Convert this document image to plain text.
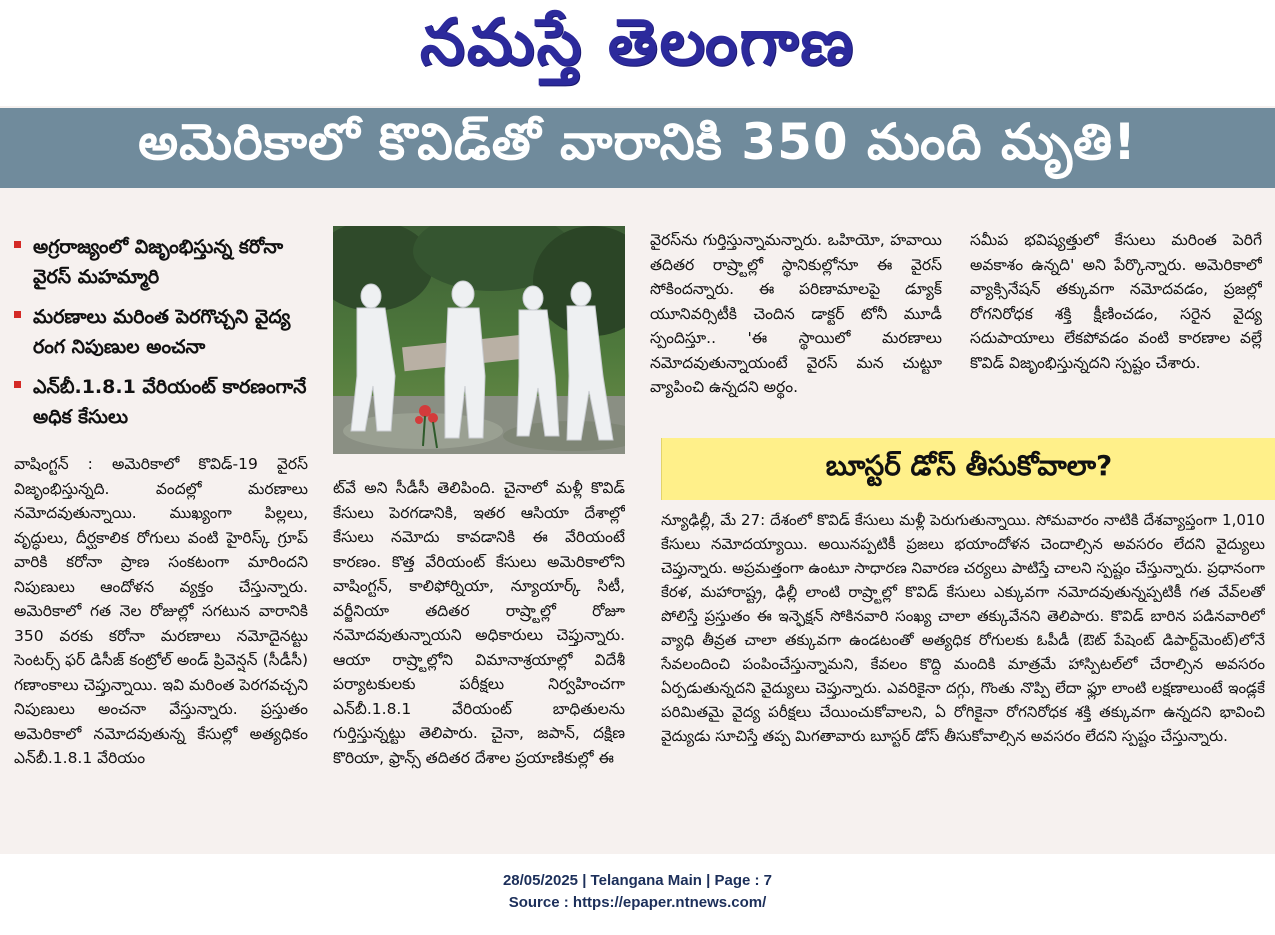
నమస్తే తెలంగాణ
అమెరికాలో కొవిడ్‌తో వారానికి 350 మంది మృతి!
అగ్రరాజ్యంలో విజృంభిస్తున్న కరోనా వైరస్ మహమ్మారి
మరణాలు మరింత పెరగొచ్చని వైద్య రంగ నిపుణుల అంచనా
ఎన్‌బీ.1.8.1 వేరియంట్ కారణంగానే అధిక కేసులు
వాషింగ్టన్ : అమెరికాలో కొవిడ్-19 వైరస్ విజృంభిస్తున్నది. వందల్లో మరణాలు నమోదవుతున్నాయి. ముఖ్యంగా పిల్లలు, వృద్ధులు, దీర్ఘకాలిక రోగులు వంటి హైరిస్క్ గ్రూప్ వారికి కరోనా ప్రాణ సంకటంగా మారిందని నిపుణులు ఆందోళన వ్యక్తం చేస్తున్నారు. అమెరికాలో గత నెల రోజుల్లో సగటున వారానికి 350 వరకు కరోనా మరణాలు నమోదైనట్టు సెంటర్స్ ఫర్ డిసీజ్ కంట్రోల్ అండ్ ప్రివెన్షన్ (సీడీసీ) గణాంకాలు చెప్తున్నాయి. ఇవి మరింత పెరగవచ్చని నిపుణులు అంచనా వేస్తున్నారు. ప్రస్తుతం అమెరికాలో నమోదవుతున్న కేసుల్లో అత్యధికం ఎన్‌బీ.1.8.1 వేరియం
ట్‌వే అని సీడీసీ తెలిపింది. చైనాలో మళ్లీ కొవిడ్ కేసులు పెరగడానికి, ఇతర ఆసియా దేశాల్లో కేసులు నమోదు కావడానికి ఈ వేరియంటే కారణం. కొత్త వేరియంట్ కేసులు అమెరికాలోని వాషింగ్టన్, కాలిఫోర్నియా, న్యూయార్క్ సిటీ, వర్జీనియా తదితర రాష్ర్టాల్లో రోజూ నమోదవుతున్నాయని అధికారులు చెప్తున్నారు. ఆయా రాష్ర్టాల్లోని విమానాశ్రయాల్లో విదేశీ పర్యాటకులకు పరీక్షలు నిర్వహించగా ఎన్‌బీ.1.8.1 వేరియంట్ బాధితులను గుర్తిస్తున్నట్టు తెలిపారు. చైనా, జపాన్, దక్షిణ కొరియా, ఫ్రాన్స్ తదితర దేశాల ప్రయాణికుల్లో ఈ
వైరస్‌ను గుర్తిస్తున్నామన్నారు. ఒహియో, హవాయి తదితర రాష్ర్టాల్లో స్థానికుల్లోనూ ఈ వైరస్ సోకిందన్నారు. ఈ పరిణామాలపై డ్యూక్ యూనివర్సిటీకి చెందిన డాక్టర్ టోనీ మూడీ స్పందిస్తూ.. 'ఈ స్థాయిలో మరణాలు నమోదవుతున్నాయంటే వైరస్ మన చుట్టూ వ్యాపించి ఉన్నదని అర్థం.
సమీప భవిష్యత్తులో కేసులు మరింత పెరిగే అవకాశం ఉన్నది' అని పేర్కొన్నారు. అమెరికాలో వ్యాక్సినేషన్ తక్కువగా నమోదవడం, ప్రజల్లో రోగనిరోధక శక్తి క్షీణించడం, సరైన వైద్య సదుపాయాలు లేకపోవడం వంటి కారణాల వల్లే కొవిడ్ విజృంభిస్తున్నదని స్పష్టం చేశారు.
బూస్టర్ డోస్ తీసుకోవాలా?
న్యూఢిల్లీ, మే 27: దేశంలో కొవిడ్ కేసులు మళ్లీ పెరుగుతున్నాయి. సోమవారం నాటికి దేశవ్యాప్తంగా 1,010 కేసులు నమోదయ్యాయి. అయినప్పటికీ ప్రజలు భయాందోళన చెందాల్సిన అవసరం లేదని వైద్యులు చెప్తున్నారు. అప్రమత్తంగా ఉంటూ సాధారణ నివారణ చర్యలు పాటిస్తే చాలని స్పష్టం చేస్తున్నారు. ప్రధానంగా కేరళ, మహారాష్ట్ర, ఢిల్లీ లాంటి రాష్ర్టాల్లో కొవిడ్ కేసులు ఎక్కువగా నమోదవుతున్నప్పటికీ గత వేవ్‌లతో పోలిస్తే ప్రస్తుతం ఈ ఇన్ఫెక్షన్ సోకినవారి సంఖ్య చాలా తక్కువేనని తెలిపారు. కొవిడ్ బారిన పడినవారిలో వ్యాధి తీవ్రత చాలా తక్కువగా ఉండటంతో అత్యధిక రోగులకు ఓపీడీ (ఔట్ పేషెంట్ డిపార్ట్‌మెంట్)లోనే సేవలందించి పంపించేస్తున్నామని, కేవలం కొద్ది మందికి మాత్రమే హాస్పిటల్‌లో చేరాల్సిన అవసరం ఏర్పడుతున్నదని వైద్యులు చెప్తున్నారు. ఎవరికైనా దగ్గు, గొంతు నొప్పి లేదా ఫ్లూ లాంటి లక్షణాలుంటే ఇండ్లకే పరిమితమై వైద్య పరీక్షలు చేయించుకోవాలని, ఏ రోగికైనా రోగనిరోధక శక్తి తక్కువగా ఉన్నదని భావించి వైద్యుడు సూచిస్తే తప్ప మిగతావారు బూస్టర్ డోస్ తీసుకోవాల్సిన అవసరం లేదని స్పష్టం చేస్తున్నారు.
28/05/2025 | Telangana Main | Page : 7
Source : https://epaper.ntnews.com/
